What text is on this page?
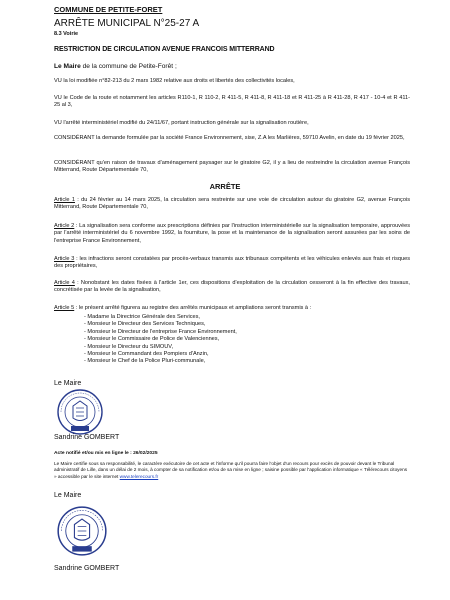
COMMUNE DE PETITE-FORET
ARRÊTE MUNICIPAL N°25-27 A
8.3 Voirie
RESTRICTION DE CIRCULATION AVENUE FRANCOIS MITTERRAND
Le Maire de la commune de Petite-Forêt ;
VU la loi modifiée n°82-213 du 2 mars 1982 relative aux droits et libertés des collectivités locales,
VU le Code de la route et notamment les articles R110-1, R 110-2, R 411-5, R 411-8, R 411-18 et R 411-25 à R 411-28, R 417 - 10-4 et R 411- 25 al 3,
VU l'arrêté interministériel modifié du 24/11/67, portant instruction générale sur la signalisation routière,
CONSIDÉRANT la demande formulée par la société France Environnement, sise, Z.A les Marlières, 59710 Avelin, en date du 19 février 2025,
CONSIDÉRANT qu'en raison de travaux d'aménagement paysager sur le giratoire G2, il y a lieu de restreindre la circulation avenue François Mitterrand, Route Départementale 70,
ARRÊTE
Article 1 : du 24 février au 14 mars 2025, la circulation sera restreinte sur une voie de circulation autour du giratoire G2, avenue François Mitterrand, Route Départementale 70,
Article 2 : La signalisation sera conforme aux prescriptions définies par l'instruction interministérielle sur la signalisation temporaire, approuvées par l'arrêté interministériel du 6 novembre 1992, la fourniture, la pose et la maintenance de la signalisation seront assurées par les soins de l'entreprise France Environnement,
Article 3 : les infractions seront constatées par procès-verbaux transmis aux tribunaux compétents et les véhicules enlevés aux frais et risques des propriétaires,
Article 4 : Nonobstant les dates fixées à l'article 1er, ces dispositions d'exploitation de la circulation cesseront à la fin effective des travaux, concrétisée par la levée de la signalisation,
Article 5 : le présent arrêté figurera au registre des arrêtés municipaux et ampliations seront transmis à :
- Madame la Directrice Générale des Services,
- Monsieur le Directeur des Services Techniques,
- Monsieur le Directeur de l'entreprise France Environnement,
- Monsieur le Commissaire de Police de Valenciennes,
- Monsieur le Directeur du SIMOUV,
- Monsieur le Commandant des Pompiers d'Anzin,
- Monsieur le Chef de la Police Pluri-communale,
Le Maire
Sandrine GOMBERT
Acte notifié et/ou mis en ligne le : 26/02/2025
Le Maire certifie sous sa responsabilité, le caractère exécutoire de cet acte et l'informe qu'il pourra faire l'objet d'un recours pour excès de pouvoir devant le Tribunal administratif de Lille, dans un délai de 2 mois, à compter de sa notification et/ou de sa mise en ligne ; saisine possible par l'application informatique « Télérecours citoyens » accessible par le site internet www.telerecours.fr
Le Maire
Sandrine GOMBERT
